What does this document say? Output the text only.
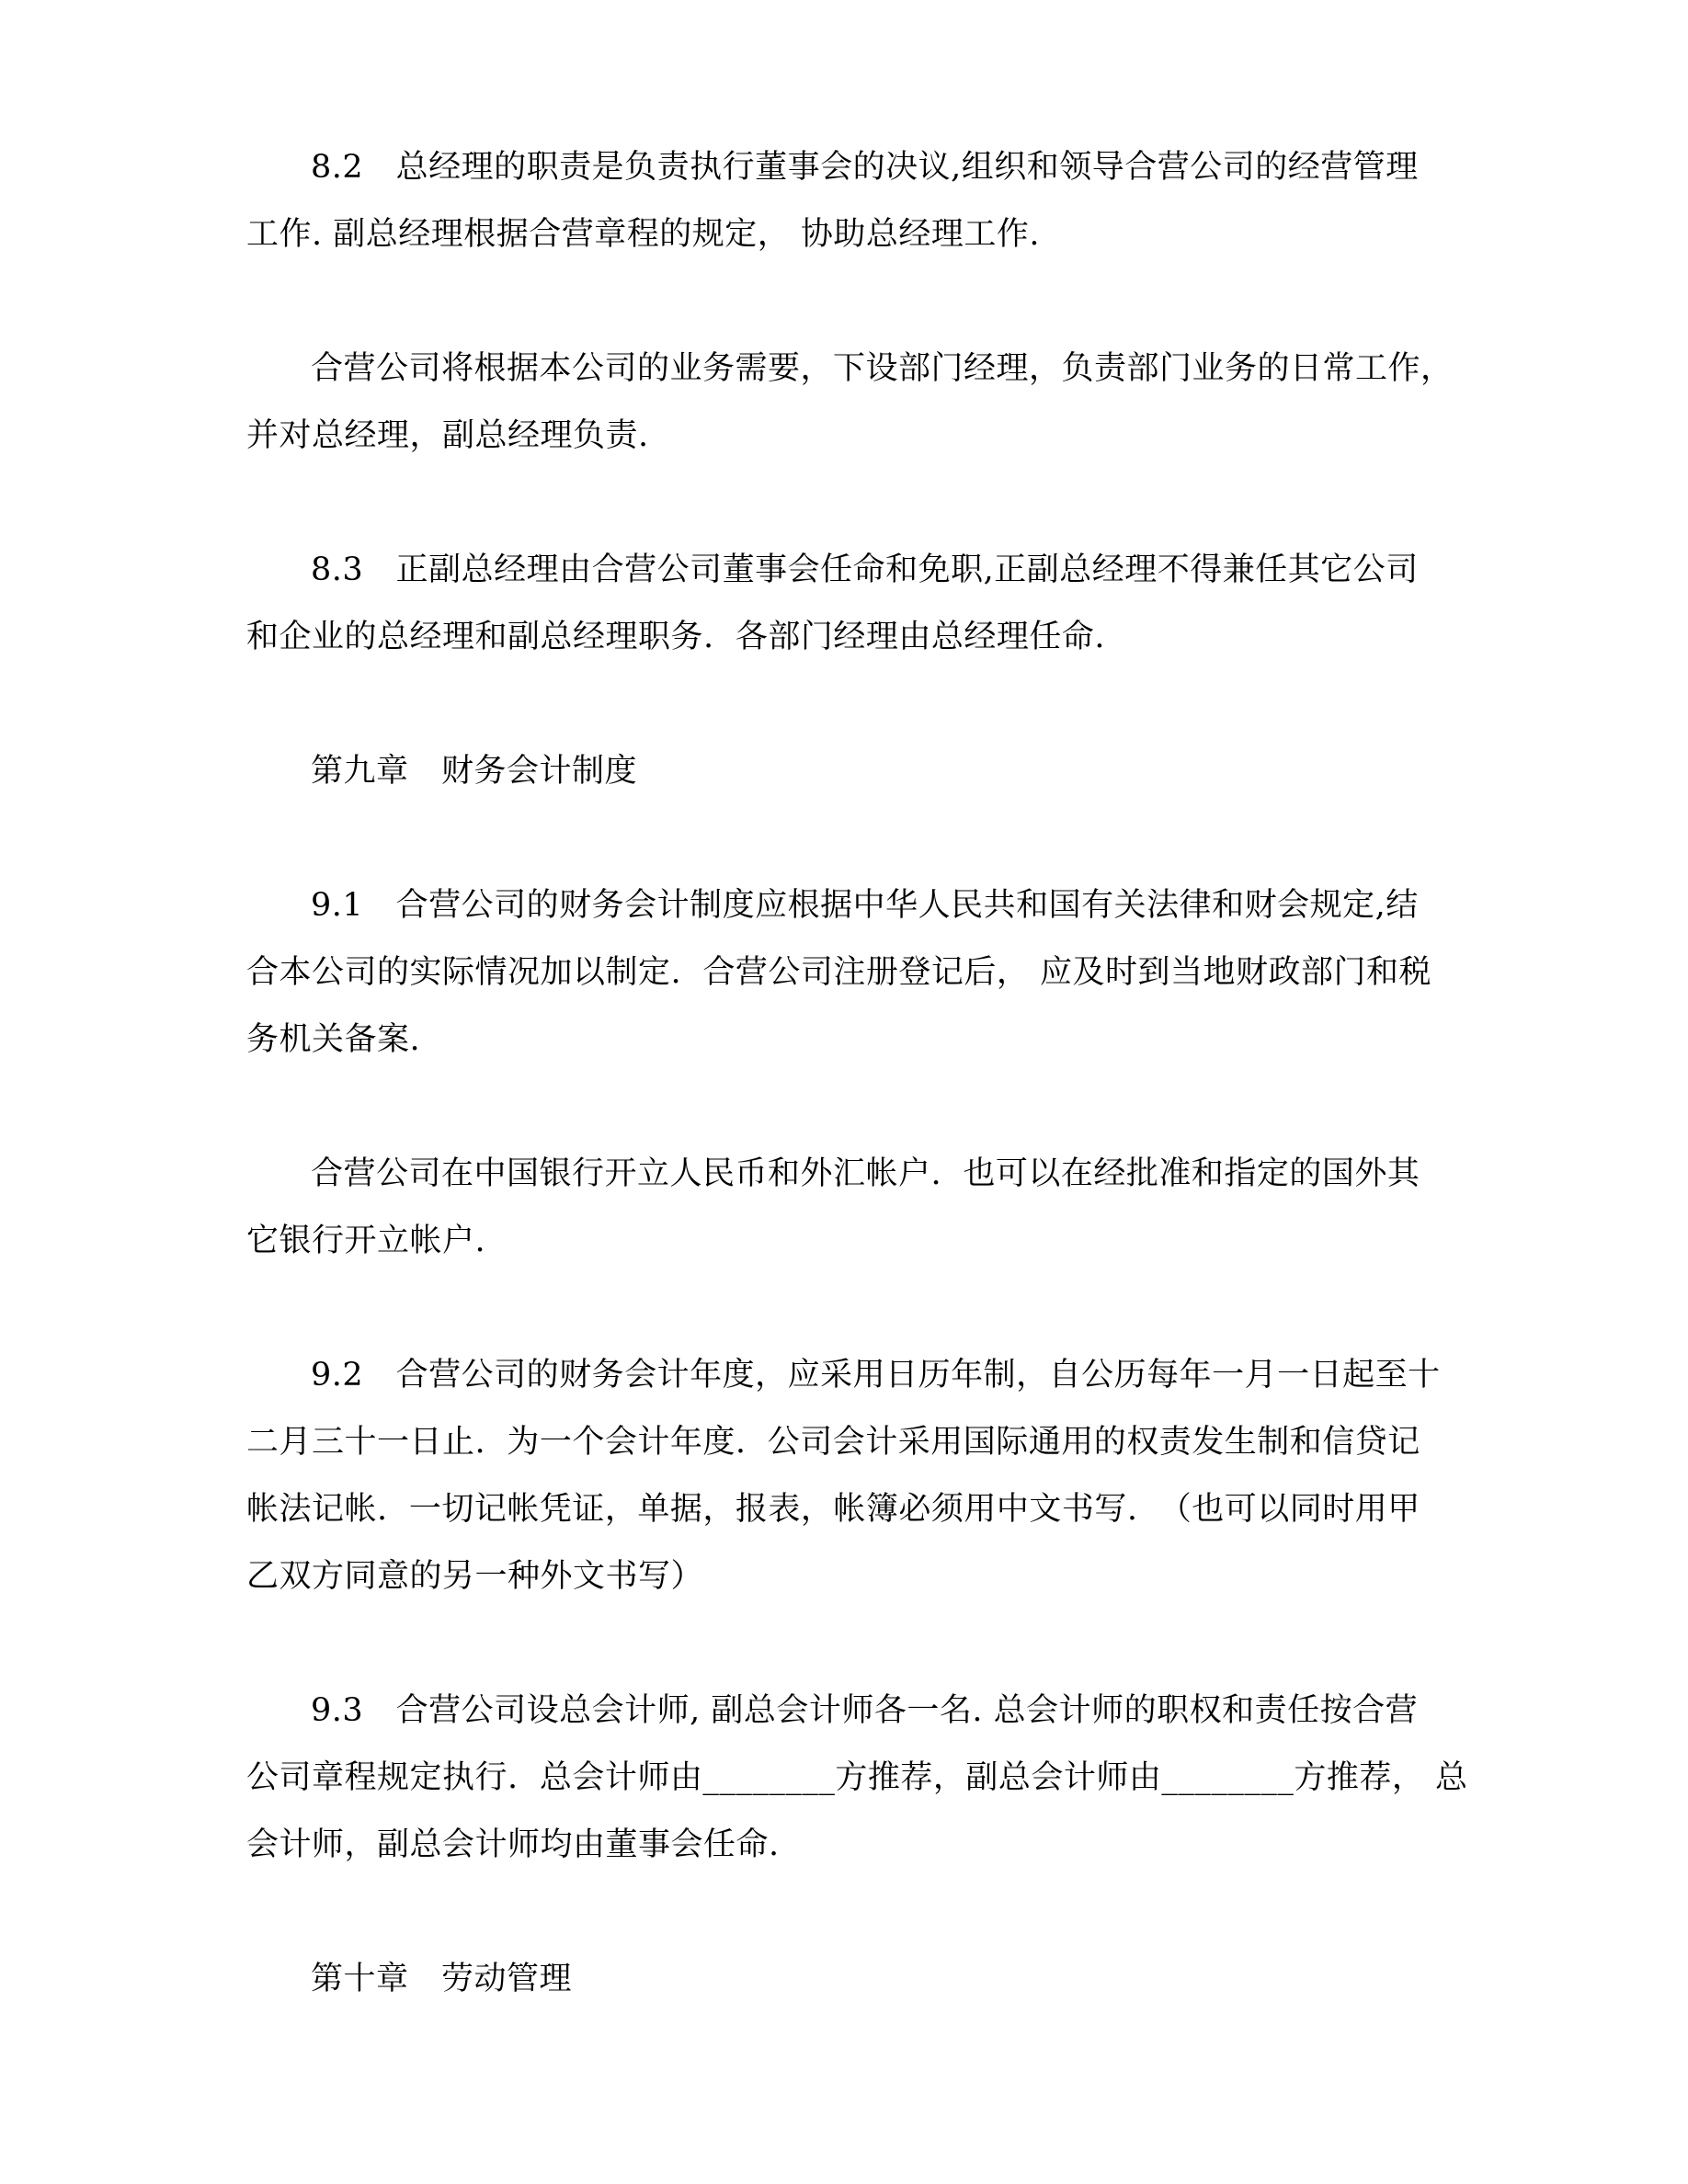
8.2　总经理的职责是负责执行董事会的决议,组织和领导合营公司的经营管理
工作. 副总经理根据合营章程的规定， 协助总经理工作.
合营公司将根据本公司的业务需要，下设部门经理，负责部门业务的日常工作，
并对总经理，副总经理负责.
8.3　正副总经理由合营公司董事会任命和免职,正副总经理不得兼任其它公司
和企业的总经理和副总经理职务.  各部门经理由总经理任命.
第九章　财务会计制度
9.1　合营公司的财务会计制度应根据中华人民共和国有关法律和财会规定,结
合本公司的实际情况加以制定.  合营公司注册登记后， 应及时到当地财政部门和税
务机关备案.
合营公司在中国银行开立人民币和外汇帐户.  也可以在经批准和指定的国外其
它银行开立帐户.
9.2　合营公司的财务会计年度，应采用日历年制，自公历每年一月一日起至十
二月三十一日止.  为一个会计年度.  公司会计采用国际通用的权责发生制和信贷记
帐法记帐.  一切记帐凭证，单据，报表，帐簿必须用中文书写.  （也可以同时用甲
乙双方同意的另一种外文书写）
9.3　合营公司设总会计师, 副总会计师各一名. 总会计师的职权和责任按合营
公司章程规定执行.  总会计师由________方推荐，副总会计师由________方推荐， 总
会计师，副总会计师均由董事会任命.
第十章　劳动管理
